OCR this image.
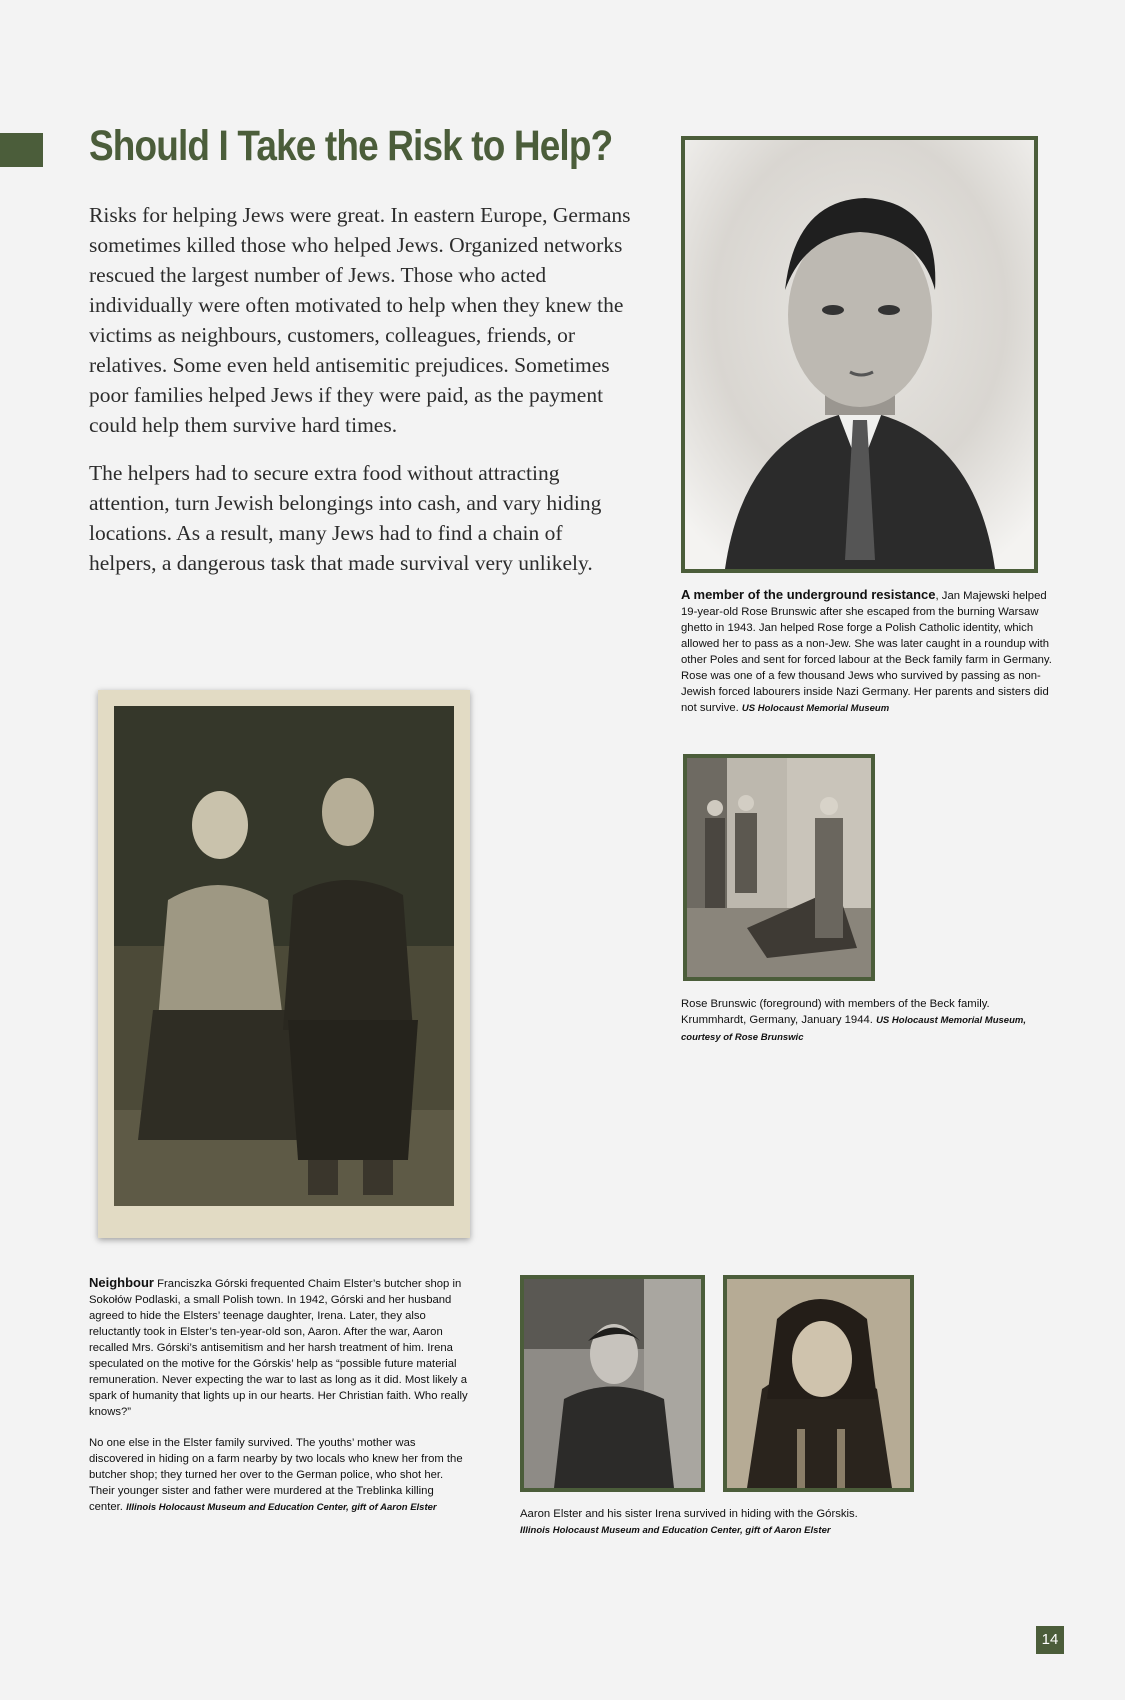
Should I Take the Risk to Help?

Risks for helping Jews were great. In eastern Europe, Germans sometimes killed those who helped Jews. Organized networks rescued the largest number of Jews. Those who acted individually were often motivated to help when they knew the victims as neighbours, customers, colleagues, friends, or relatives. Some even held antisemitic prejudices. Sometimes poor families helped Jews if they were paid, as the payment could help them survive hard times.

The helpers had to secure extra food without attracting attention, turn Jewish belongings into cash, and vary hiding locations. As a result, many Jews had to find a chain of helpers, a dangerous task that made survival very unlikely.

A member of the underground resistance, Jan Majewski helped 19-year-old Rose Brunswic after she escaped from the burning Warsaw ghetto in 1943. Jan helped Rose forge a Polish Catholic identity, which allowed her to pass as a non-Jew. She was later caught in a roundup with other Poles and sent for forced labour at the Beck family farm in Germany. Rose was one of a few thousand Jews who survived by passing as non-Jewish forced labourers inside Nazi Germany. Her parents and sisters did not survive. US Holocaust Memorial Museum
Rose Brunswic (foreground) with members of the Beck family. Krummhardt, Germany, January 1944. US Holocaust Memorial Museum, courtesy of Rose Brunswic

Neighbour Franciszka Górski frequented Chaim Elster’s butcher shop in Sokołów Podlaski, a small Polish town. In 1942, Górski and her husband agreed to hide the Elsters’ teenage daughter, Irena. Later, they also reluctantly took in Elster’s ten-year-old son, Aaron. After the war, Aaron recalled Mrs. Górski’s antisemitism and her harsh treatment of him. Irena speculated on the motive for the Górskis’ help as “possible future material remuneration. Never expecting the war to last as long as it did. Most likely a spark of humanity that lights up in our hearts. Her Christian faith. Who really knows?”

No one else in the Elster family survived. The youths’ mother was discovered in hiding on a farm nearby by two locals who knew her from the butcher shop; they turned her over to the German police, who shot her. Their younger sister and father were murdered at the Treblinka killing center. Illinois Holocaust Museum and Education Center, gift of Aaron Elster

Aaron Elster and his sister Irena survived in hiding with the Górskis.
Illinois Holocaust Museum and Education Center, gift of Aaron Elster
14
